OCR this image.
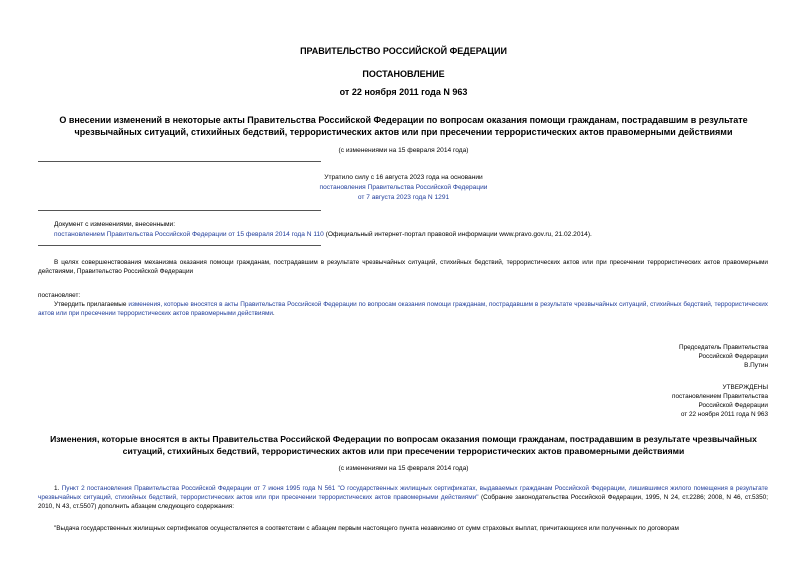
ПРАВИТЕЛЬСТВО РОССИЙСКОЙ ФЕДЕРАЦИИ
ПОСТАНОВЛЕНИЕ
от 22 ноября 2011 года N 963
О внесении изменений в некоторые акты Правительства Российской Федерации по вопросам оказания помощи гражданам, пострадавшим в результате
чрезвычайных ситуаций, стихийных бедствий, террористических актов или при пресечении террористических актов правомерными действиями
(с изменениями на 15 февраля 2014 года)
Утратило силу с 16 августа 2023 года на основании
постановления Правительства Российской Федерации
от 7 августа 2023 года N 1291
Документ с изменениями, внесенными:
постановлением Правительства Российской Федерации от 15 февраля 2014 года N 110 (Официальный интернет-портал правовой информации www.pravo.gov.ru, 21.02.2014).
В целях совершенствования механизма оказания помощи гражданам, пострадавшим в результате чрезвычайных ситуаций, стихийных бедствий, террористических актов или при пресечении террористических актов правомерными действиями, Правительство Российской Федерации
постановляет:
Утвердить прилагаемые изменения, которые вносятся в акты Правительства Российской Федерации по вопросам оказания помощи гражданам, пострадавшим в результате чрезвычайных ситуаций, стихийных бедствий, террористических актов или при пресечении террористических актов правомерными действиями.
Председатель Правительства
Российской Федерации
В.Путин
УТВЕРЖДЕНЫ
постановлением Правительства
Российской Федерации
от 22 ноября 2011 года N 963
Изменения, которые вносятся в акты Правительства Российской Федерации по вопросам оказания помощи гражданам, пострадавшим в результате чрезвычайных
ситуаций, стихийных бедствий, террористических актов или при пресечении террористических актов правомерными действиями
(с изменениями на 15 февраля 2014 года)
1. Пункт 2 постановления Правительства Российской Федерации от 7 июня 1995 года N 561 "О государственных жилищных сертификатах, выдаваемых гражданам Российской Федерации, лишившимся жилого помещения в результате чрезвычайных ситуаций, стихийных бедствий, террористических актов или при пресечении террористических актов правомерными действиями" (Собрание законодательства Российской Федерации, 1995, N 24, ст.2286; 2008, N 46, ст.5350; 2010, N 43, ст.5507) дополнить абзацем следующего содержания:
"Выдача государственных жилищных сертификатов осуществляется в соответствии с абзацем первым настоящего пункта независимо от сумм страховых выплат, причитающихся или полученных по договорам
